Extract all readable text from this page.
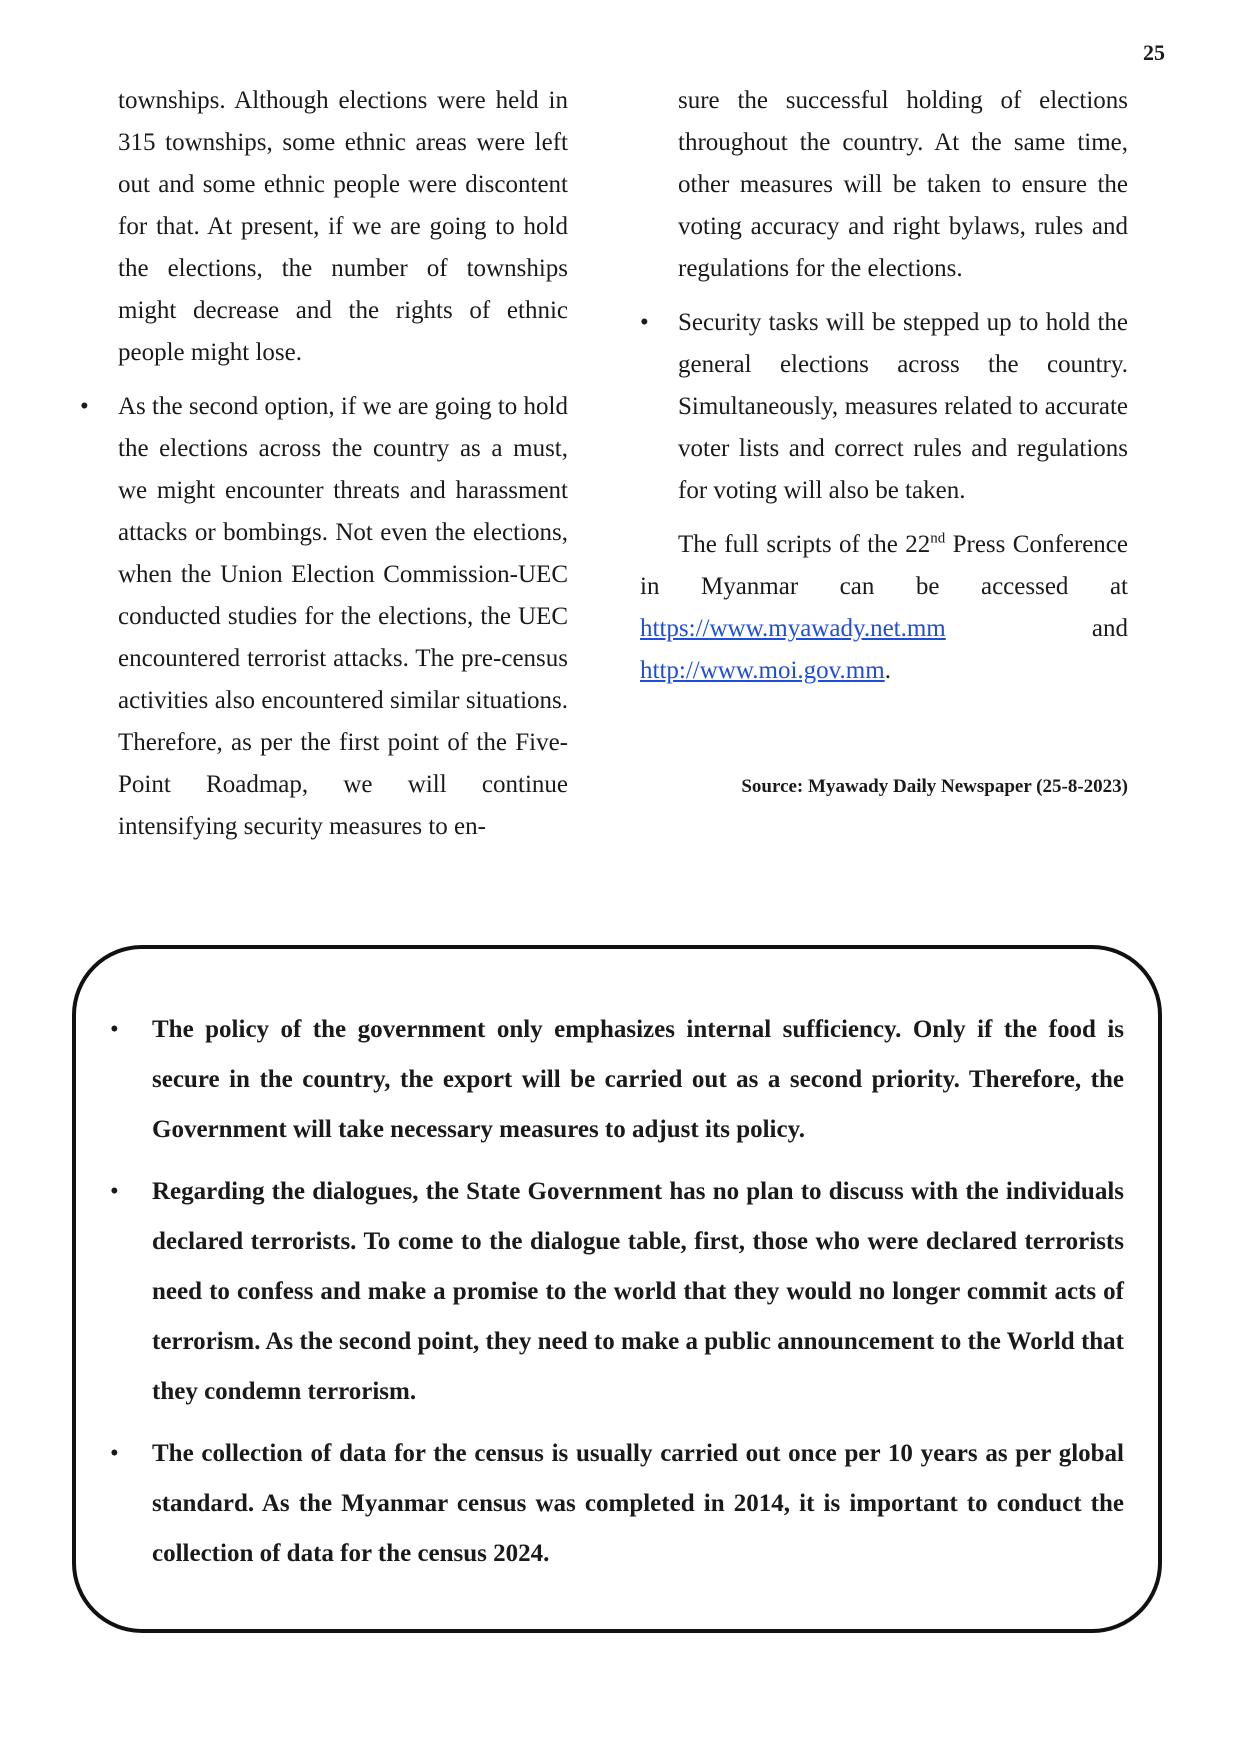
25

townships. Although elections were held in 315 townships, some ethnic areas were left out and some ethnic people were discontent for that. At present, if we are going to hold the elections, the number of townships might decrease and the rights of ethnic people might lose.

• As the second option, if we are going to hold the elections across the country as a must, we might encounter threats and harassment attacks or bombings. Not even the elections, when the Union Election Commission-UEC conducted studies for the elections, the UEC encountered terrorist attacks. The pre-census activities also encountered similar situations. Therefore, as per the first point of the Five-Point Roadmap, we will continue intensifying security measures to en-

sure the successful holding of elections throughout the country. At the same time, other measures will be taken to ensure the voting accuracy and right bylaws, rules and regulations for the elections.

• Security tasks will be stepped up to hold the general elections across the country. Simultaneously, measures related to accurate voter lists and correct rules and regulations for voting will also be taken.

The full scripts of the 22nd Press Conference in Myanmar can be accessed at https://www.myawady.net.mm and http://www.moi.gov.mm.

Source: Myawady Daily Newspaper (25-8-2023)

• The policy of the government only emphasizes internal sufficiency. Only if the food is secure in the country, the export will be carried out as a second priority. Therefore, the Government will take necessary measures to adjust its policy.
• Regarding the dialogues, the State Government has no plan to discuss with the individuals declared terrorists. To come to the dialogue table, first, those who were declared terrorists need to confess and make a promise to the world that they would no longer commit acts of terrorism. As the second point, they need to make a public announcement to the World that they condemn terrorism.
• The collection of data for the census is usually carried out once per 10 years as per global standard. As the Myanmar census was completed in 2014, it is important to conduct the collection of data for the census 2024.
